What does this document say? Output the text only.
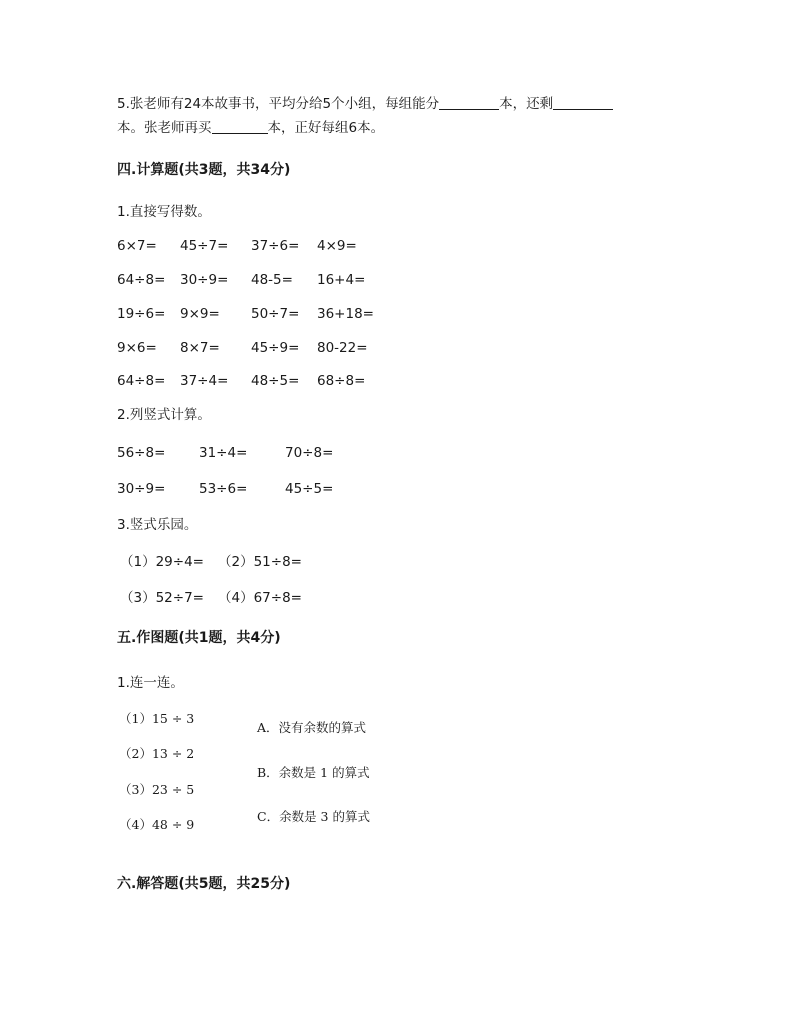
5.张老师有24本故事书，平均分给5个小组，每组能分	本，还剩
本。张老师再买	本，正好每组6本。
四.计算题(共3题，共34分)
1.直接写得数。
6×7= 45÷7= 37÷6= 4×9=
64÷8= 30÷9= 48-5= 16+4=
19÷6= 9×9= 50÷7= 36+18=
9×6= 8×7= 45÷9= 80-22=
64÷8= 37÷4= 48÷5= 68÷8=
2.列竖式计算。
56÷8= 31÷4=	70÷8=
30÷9= 53÷6=	45÷5=
3.竖式乐园。
（1）29÷4= （2）51÷8=
（3）52÷7= （4）67÷8=
五.作图题(共1题，共4分)
1.连一连。
（1）15 ÷ 3
（2）13 ÷ 2
（3）23 ÷ 5
（4）48 ÷ 9
A．没有余数的算式
B．余数是 1 的算式
C．余数是 3 的算式
六.解答题(共5题，共25分)
